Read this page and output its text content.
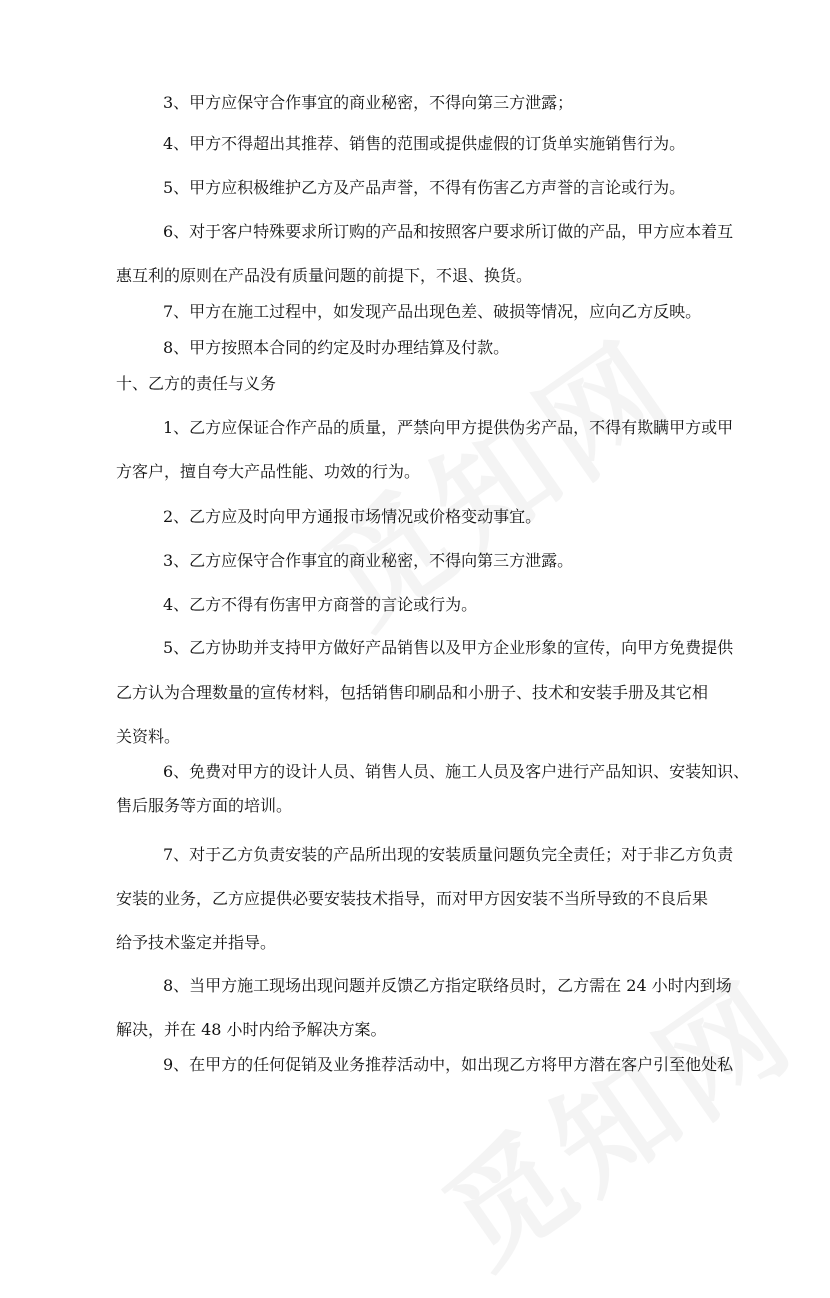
3、甲方应保守合作事宜的商业秘密，不得向第三方泄露；
4、甲方不得超出其推荐、销售的范围或提供虚假的订货单实施销售行为。
5、甲方应积极维护乙方及产品声誉，不得有伤害乙方声誉的言论或行为。
6、对于客户特殊要求所订购的产品和按照客户要求所订做的产品，甲方应本着互
惠互利的原则在产品没有质量问题的前提下，不退、换货。
7、甲方在施工过程中，如发现产品出现色差、破损等情况，应向乙方反映。
8、甲方按照本合同的约定及时办理结算及付款。
十、乙方的责任与义务
1、乙方应保证合作产品的质量，严禁向甲方提供伪劣产品，不得有欺瞒甲方或甲
方客户，擅自夸大产品性能、功效的行为。
2、乙方应及时向甲方通报市场情况或价格变动事宜。
3、乙方应保守合作事宜的商业秘密，不得向第三方泄露。
4、乙方不得有伤害甲方商誉的言论或行为。
5、乙方协助并支持甲方做好产品销售以及甲方企业形象的宣传，向甲方免费提供
乙方认为合理数量的宣传材料，包括销售印刷品和小册子、技术和安装手册及其它相
关资料。
6、免费对甲方的设计人员、销售人员、施工人员及客户进行产品知识、安装知识、
售后服务等方面的培训。
7、对于乙方负责安装的产品所出现的安装质量问题负完全责任；对于非乙方负责
安装的业务，乙方应提供必要安装技术指导，而对甲方因安装不当所导致的不良后果
给予技术鉴定并指导。
8、当甲方施工现场出现问题并反馈乙方指定联络员时，乙方需在 24 小时内到场
解决，并在 48 小时内给予解决方案。
9、在甲方的任何促销及业务推荐活动中，如出现乙方将甲方潜在客户引至他处私
